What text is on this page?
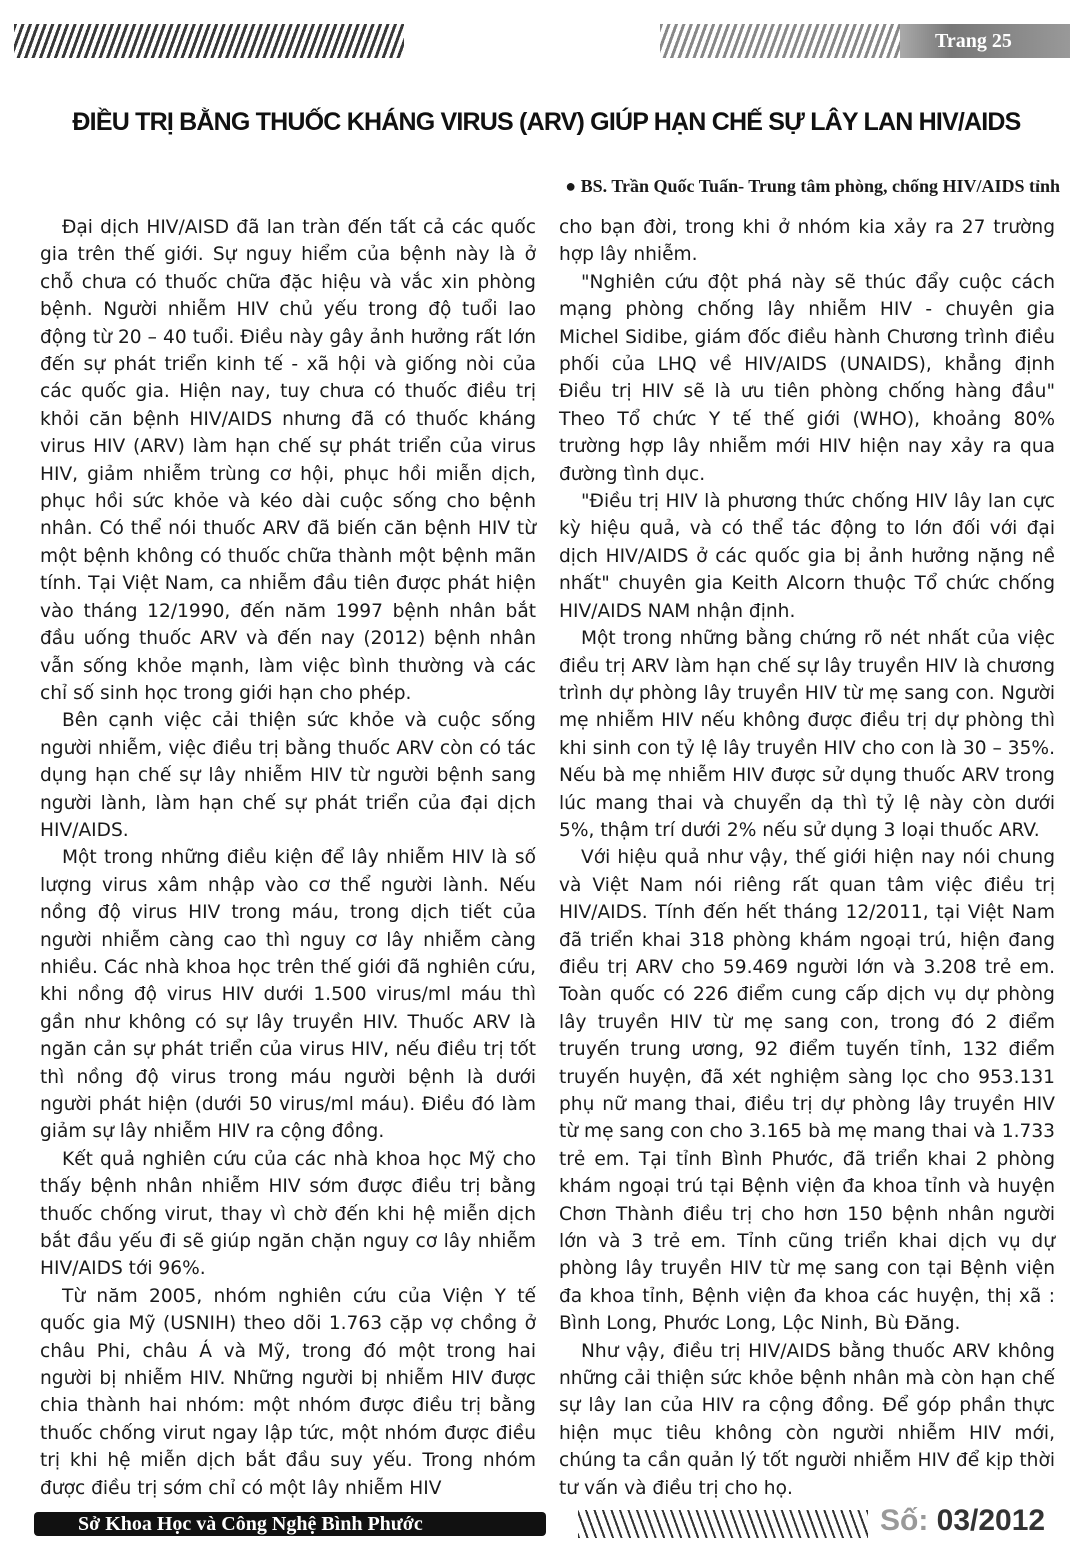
Trang 25
ĐIỀU TRỊ BẰNG THUỐC KHÁNG VIRUS (ARV) GIÚP HẠN CHẾ SỰ LÂY LAN HIV/AIDS
● BS. Trần Quốc Tuấn- Trung tâm phòng, chống HIV/AIDS tỉnh

Đại dịch HIV/AISD đã lan tràn đến tất cả các quốc gia trên thế giới. Sự nguy hiểm của bệnh này là ở chỗ chưa có thuốc chữa đặc hiệu và vắc xin phòng bệnh. Người nhiễm HIV chủ yếu trong độ tuổi lao động từ 20 – 40 tuổi. Điều này gây ảnh hưởng rất lớn đến sự phát triển kinh tế - xã hội và giống nòi của các quốc gia. Hiện nay, tuy chưa có thuốc điều trị khỏi căn bệnh HIV/AIDS nhưng đã có thuốc kháng virus HIV (ARV) làm hạn chế sự phát triển của virus HIV, giảm nhiễm trùng cơ hội, phục hồi miễn dịch, phục hồi sức khỏe và kéo dài cuộc sống cho bệnh nhân. Có thể nói thuốc ARV đã biến căn bệnh HIV từ một bệnh không có thuốc chữa thành một bệnh mãn tính. Tại Việt Nam, ca nhiễm đầu tiên được phát hiện vào tháng 12/1990, đến năm 1997 bệnh nhân bắt đầu uống thuốc ARV và đến nay (2012) bệnh nhân vẫn sống khỏe mạnh, làm việc bình thường và các chỉ số sinh học trong giới hạn cho phép.

Bên cạnh việc cải thiện sức khỏe và cuộc sống người nhiễm, việc điều trị bằng thuốc ARV còn có tác dụng hạn chế sự lây nhiễm HIV từ người bệnh sang người lành, làm hạn chế sự phát triển của đại dịch HIV/AIDS.

Một trong những điều kiện để lây nhiễm HIV là số lượng virus xâm nhập vào cơ thể người lành. Nếu nồng độ virus HIV trong máu, trong dịch tiết của người nhiễm càng cao thì nguy cơ lây nhiễm càng nhiều. Các nhà khoa học trên thế giới đã nghiên cứu, khi nồng độ virus HIV dưới 1.500 virus/ml máu thì gần như không có sự lây truyền HIV. Thuốc ARV là ngăn cản sự phát triển của virus HIV, nếu điều trị tốt thì nồng độ virus trong máu người bệnh là dưới người phát hiện (dưới 50 virus/ml máu). Điều đó làm giảm sự lây nhiễm HIV ra cộng đồng.

Kết quả nghiên cứu của các nhà khoa học Mỹ cho thấy bệnh nhân nhiễm HIV sớm được điều trị bằng thuốc chống virut, thay vì chờ đến khi hệ miễn dịch bắt đầu yếu đi sẽ giúp ngăn chặn nguy cơ lây nhiễm HIV/AIDS tới 96%.

Từ năm 2005, nhóm nghiên cứu của Viện Y tế quốc gia Mỹ (USNIH) theo dõi 1.763 cặp vợ chồng ở châu Phi, châu Á và Mỹ, trong đó một trong hai người bị nhiễm HIV. Những người bị nhiễm HIV được chia thành hai nhóm: một nhóm được điều trị bằng thuốc chống virut ngay lập tức, một nhóm được điều trị khi hệ miễn dịch bắt đầu suy yếu. Trong nhóm được điều trị sớm chỉ có một lây nhiễm HIV

cho bạn đời, trong khi ở nhóm kia xảy ra 27 trường hợp lây nhiễm.

"Nghiên cứu đột phá này sẽ thúc đẩy cuộc cách mạng phòng chống lây nhiễm HIV - chuyên gia Michel Sidibe, giám đốc điều hành Chương trình điều phối của LHQ về HIV/AIDS (UNAIDS), khẳng định Điều trị HIV sẽ là ưu tiên phòng chống hàng đầu" Theo Tổ chức Y tế thế giới (WHO), khoảng 80% trường hợp lây nhiễm mới HIV hiện nay xảy ra qua đường tình dục.

"Điều trị HIV là phương thức chống HIV lây lan cực kỳ hiệu quả, và có thể tác động to lớn đối với đại dịch HIV/AIDS ở các quốc gia bị ảnh hưởng nặng nề nhất" chuyên gia Keith Alcorn thuộc Tổ chức chống HIV/AIDS NAM nhận định.

Một trong những bằng chứng rõ nét nhất của việc điều trị ARV làm hạn chế sự lây truyền HIV là chương trình dự phòng lây truyền HIV từ mẹ sang con. Người mẹ nhiễm HIV nếu không được điều trị dự phòng thì khi sinh con tỷ lệ lây truyền HIV cho con là 30 – 35%. Nếu bà mẹ nhiễm HIV được sử dụng thuốc ARV trong lúc mang thai và chuyển dạ thì tỷ lệ này còn dưới 5%, thậm trí dưới 2% nếu sử dụng 3 loại thuốc ARV.

Với hiệu quả như vậy, thế giới hiện nay nói chung và Việt Nam nói riêng rất quan tâm việc điều trị HIV/AIDS. Tính đến hết tháng 12/2011, tại Việt Nam đã triển khai 318 phòng khám ngoại trú, hiện đang điều trị ARV cho 59.469 người lớn và 3.208 trẻ em. Toàn quốc có 226 điểm cung cấp dịch vụ dự phòng lây truyền HIV từ mẹ sang con, trong đó 2 điểm truyến trung ương, 92 điểm tuyến tỉnh, 132 điểm truyến huyện, đã xét nghiệm sàng lọc cho 953.131 phụ nữ mang thai, điều trị dự phòng lây truyền HIV từ mẹ sang con cho 3.165 bà mẹ mang thai và 1.733 trẻ em. Tại tỉnh Bình Phước, đã triển khai 2 phòng khám ngoại trú tại Bệnh viện đa khoa tỉnh và huyện Chơn Thành điều trị cho hơn 150 bệnh nhân người lớn và 3 trẻ em. Tỉnh cũng triển khai dịch vụ dự phòng lây truyền HIV từ mẹ sang con tại Bệnh viện đa khoa tỉnh, Bệnh viện đa khoa các huyện, thị xã : Bình Long, Phước Long, Lộc Ninh, Bù Đăng.

Như vậy, điều trị HIV/AIDS bằng thuốc ARV không những cải thiện sức khỏe bệnh nhân mà còn hạn chế sự lây lan của HIV ra cộng đồng. Để góp phần thực hiện mục tiêu không còn người nhiễm HIV mới, chúng ta cần quản lý tốt người nhiễm HIV để kịp thời tư vấn và điều trị cho họ.

Sở Khoa Học và Công Nghệ Bình Phước	Số: 03/2012
